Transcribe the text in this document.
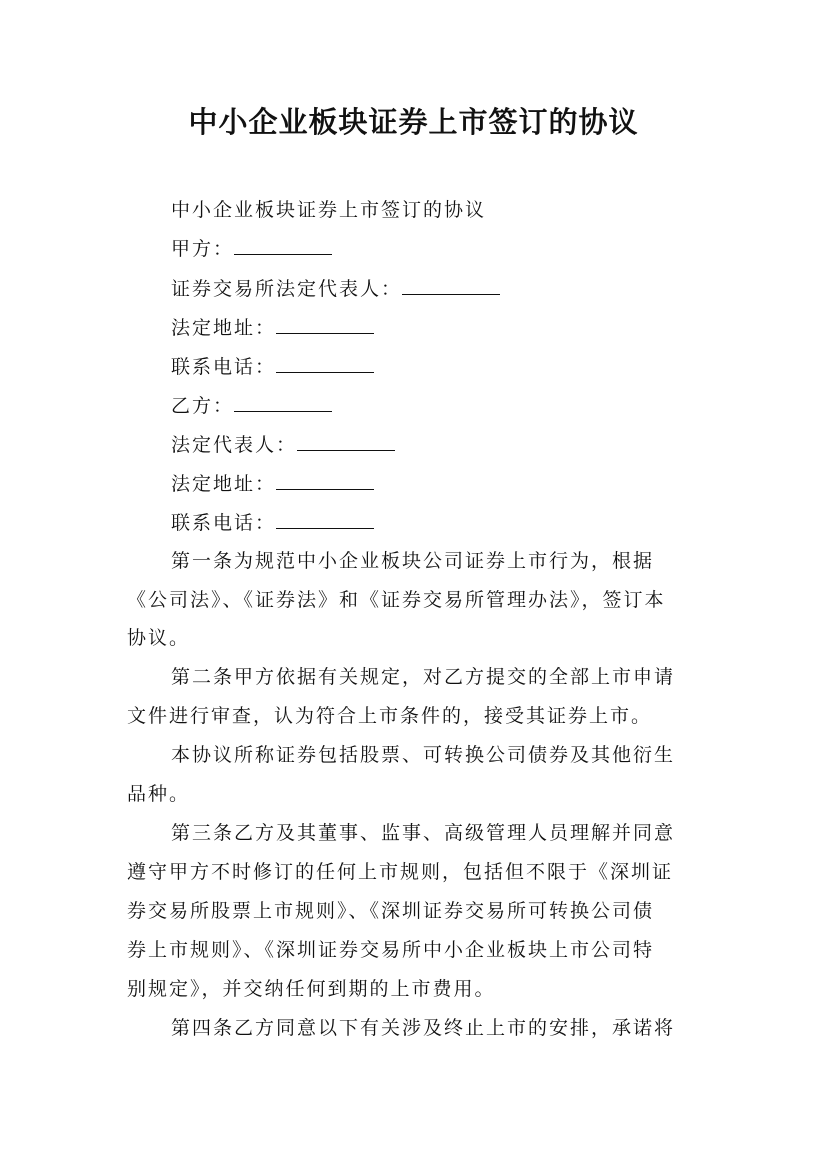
中小企业板块证券上市签订的协议
中小企业板块证券上市签订的协议
甲方：
证券交易所法定代表人：
法定地址：
联系电话：
乙方：
法定代表人：
法定地址：
联系电话：
第一条为规范中小企业板块公司证券上市行为，根据
《公司法》、《证券法》和《证券交易所管理办法》，签订本
协议。
第二条甲方依据有关规定，对乙方提交的全部上市申请
文件进行审查，认为符合上市条件的，接受其证券上市。
本协议所称证券包括股票、可转换公司债券及其他衍生
品种。
第三条乙方及其董事、监事、高级管理人员理解并同意
遵守甲方不时修订的任何上市规则，包括但不限于《深圳证
券交易所股票上市规则》、《深圳证券交易所可转换公司债
券上市规则》、《深圳证券交易所中小企业板块上市公司特
别规定》，并交纳任何到期的上市费用。
第四条乙方同意以下有关涉及终止上市的安排，承诺将
